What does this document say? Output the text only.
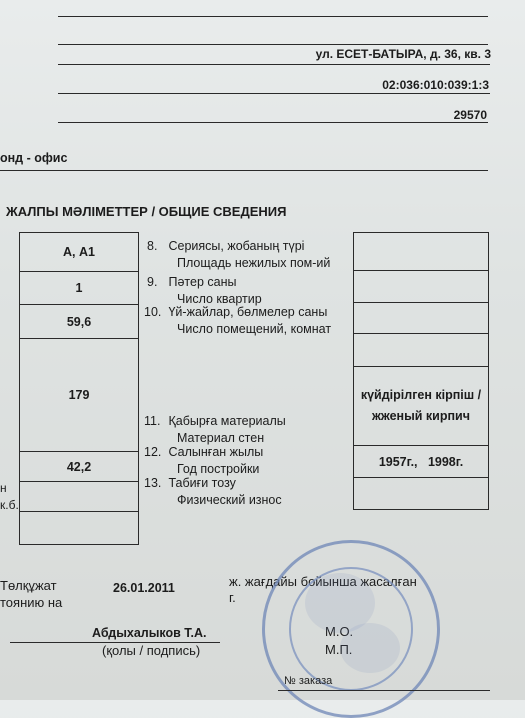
ул. ЕСЕТ-БАТЫРА, д. 36, кв. 3
02:036:010:039:1:3
29570
онд - офис
ЖАЛПЫ МӘЛІМЕТТЕР / ОБЩИЕ СВЕДЕНИЯ
А, А1
1
59,6
179
42,2
н
к.б.
8. Сериясы, жобаның түрі
Площадь нежилых пом-ий
9. Пәтер саны
Число квартир
10. Үй-жайлар, бөлмелер саны
Число помещений, комнат
11. Қабырға материалы
Материал стен
12. Салынған жылы
Год постройки
13. Табиғи тозу
Физический износ
күйдірілген кірпіш / жженый кирпич
1957г.,   1998г.
Төлқұжат
тоянию на
26.01.2011	ж. жағдайы бойынша жасалған
г.
Абдыхалыков Т.А.
(қолы / подпись)
М.О.
М.П.
№ заказа
